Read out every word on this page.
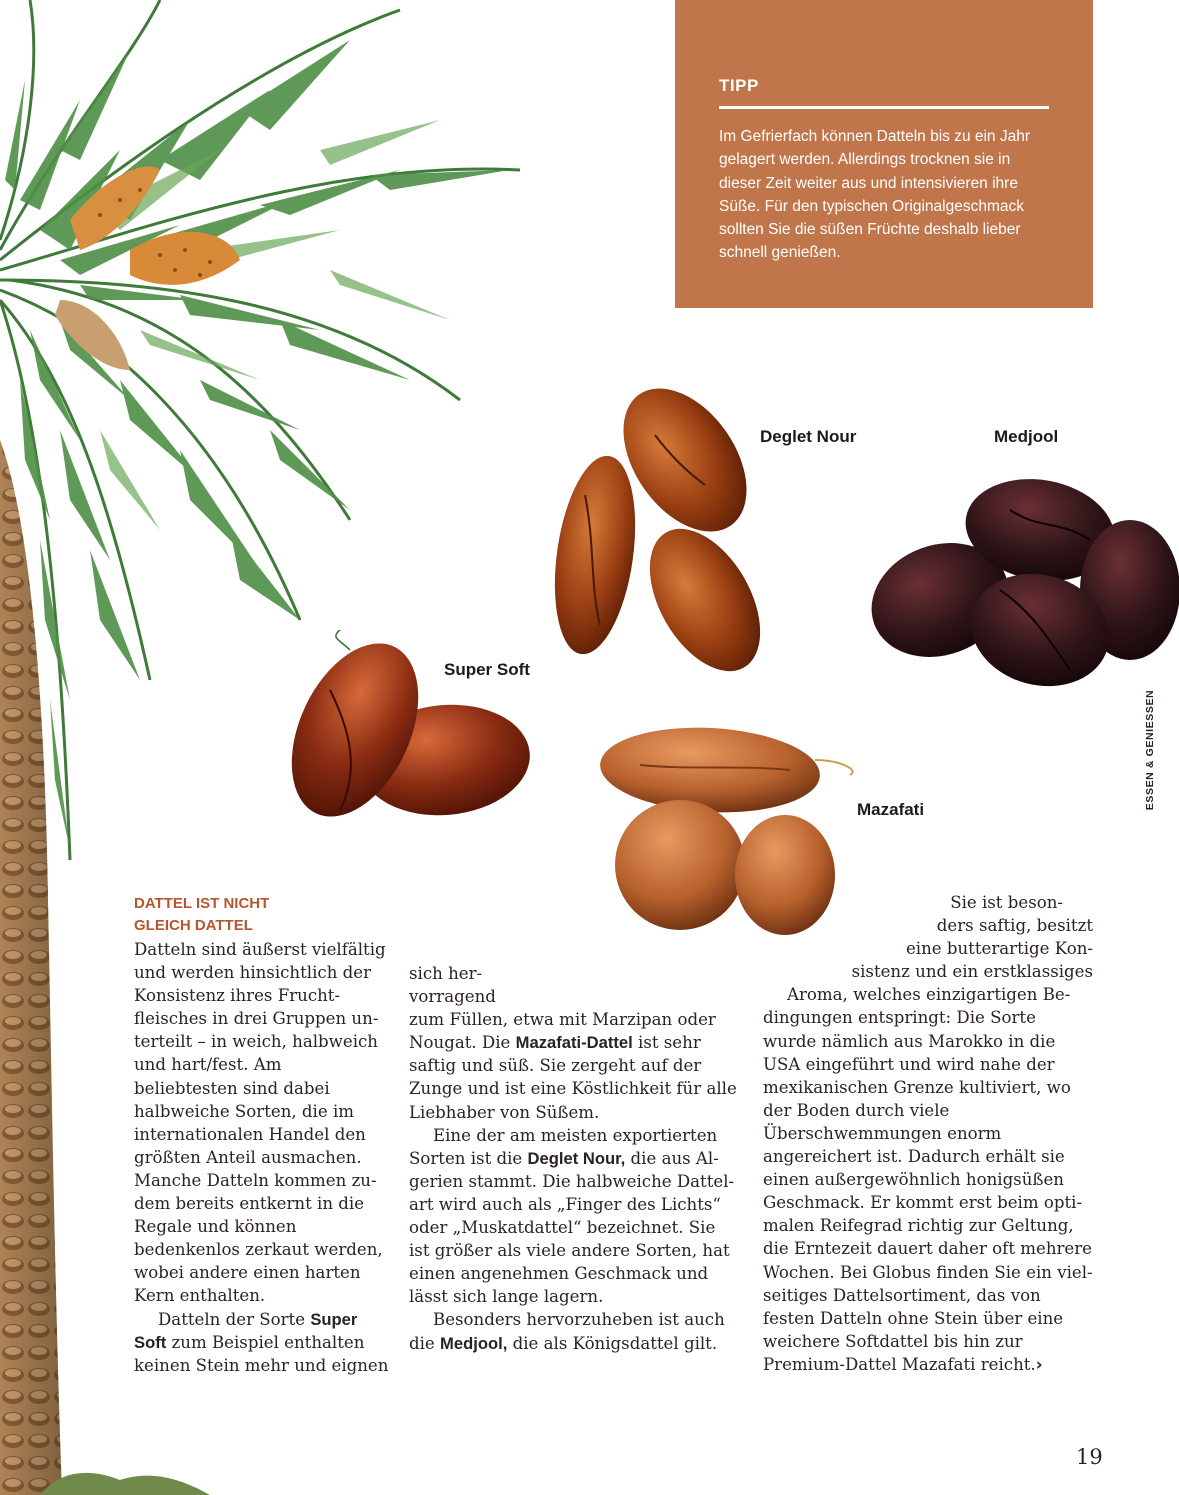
TIPP
Im Gefrierfach können Datteln bis zu ein Jahr gelagert werden. Allerdings trocknen sie in dieser Zeit weiter aus und intensivieren ihre Süße. Für den typischen Originalgeschmack sollten Sie die süßen Früchte deshalb lieber schnell genießen.
Deglet Nour	Medjool
Super Soft
Mazafati	ESSEN & GENIESSEN
DATTEL IST NICHT
GLEICH DATTEL

Datteln sind äußerst vielfältig und werden hinsichtlich der Konsistenz ihres Fruchtfleisches in drei Gruppen unterteilt – in weich, halbweich und hart/fest. Am beliebtesten sind dabei halbweiche Sorten, die im internationalen Handel den größten Anteil ausmachen. Manche Datteln kommen zudem bereits entkernt in die Regale und können bedenkenlos zerkaut werden, wobei andere einen harten Kern enthalten.

Datteln der Sorte Super Soft zum Beispiel enthalten keinen Stein mehr und eignen

sich her-

vorragend

zum Füllen, etwa mit Marzipan oder Nougat. Die Mazafati-Dattel ist sehr saftig und süß. Sie zergeht auf der Zunge und ist eine Köstlichkeit für alle Liebhaber von Süßem.

Eine der am meisten exportierten Sorten ist die Deglet Nour, die aus Algerien stammt. Die halbweiche Dattelart wird auch als „Finger des Lichts“ oder „Muskatdattel“ bezeichnet. Sie ist größer als viele andere Sorten, hat einen angenehmen Geschmack und lässt sich lange lagern.

Besonders hervorzuheben ist auch die Medjool, die als Königsdattel gilt.

Sie ist beson-

ders saftig, besitzt

eine butterartige Kon-

sistenz und ein erstklassiges

Aroma, welches einzigartigen Bedingungen entspringt: Die Sorte wurde nämlich aus Marokko in die USA eingeführt und wird nahe der mexikanischen Grenze kultiviert, wo der Boden durch viele Überschwemmungen enorm angereichert ist. Dadurch erhält sie einen außergewöhnlich honigsüßen Geschmack. Er kommt erst beim optimalen Reifegrad richtig zur Geltung, die Erntezeit dauert daher oft mehrere Wochen. Bei Globus finden Sie ein vielseitiges Dattelsortiment, das von festen Datteln ohne Stein über eine weichere Softdattel bis hin zur Premium-Dattel Mazafati reicht.›

19
